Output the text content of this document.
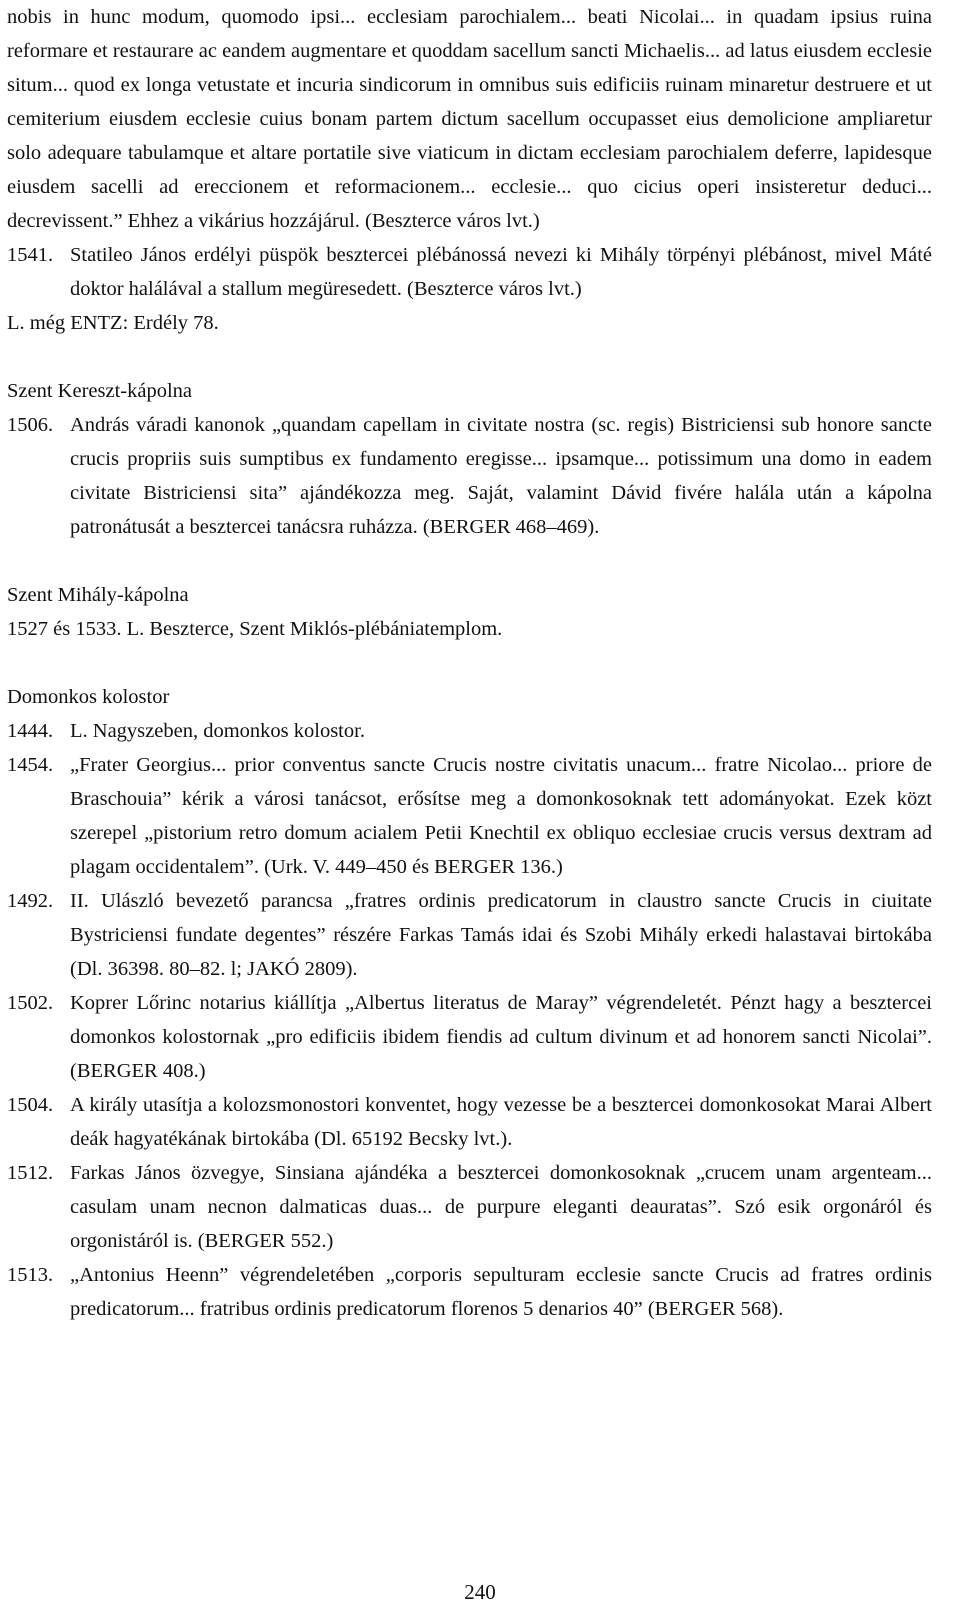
nobis in hunc modum, quomodo ipsi... ecclesiam parochialem... beati Nicolai... in quadam ipsius ruina reformare et restaurare ac eandem augmentare et quoddam sacellum sancti Michaelis... ad latus eiusdem ecclesie situm... quod ex longa vetustate et incuria sindicorum in omnibus suis edificiis ruinam minaretur destruere et ut cemiterium eiusdem ecclesie cuius bonam partem dictum sacellum occupasset eius demolicione ampliaretur solo adequare tabulamque et altare portatile sive viaticum in dictam ecclesiam parochialem deferre, lapidesque eiusdem sacelli ad ereccionem et reformacionem... ecclesie... quo cicius operi insisteretur deduci... decrevissent.” Ehhez a vikárius hozzájárul. (Beszterce város lvt.)

1541. Statileo János erdélyi püspök besztercei plébánossá nevezi ki Mihály törpényi plébánost, mivel Máté doktor halálával a stallum megüresedett. (Beszterce város lvt.)

L. még ENTZ: Erdély 78.

Szent Kereszt-kápolna

1506. András váradi kanonok „quandam capellam in civitate nostra (sc. regis) Bistriciensi sub honore sancte crucis propriis suis sumptibus ex fundamento eregisse... ipsamque... potissimum una domo in eadem civitate Bistriciensi sita” ajándékozza meg. Saját, valamint Dávid fivére halála után a kápolna patronátusát a besztercei tanácsra ruházza. (BERGER 468–469).

Szent Mihály-kápolna

1527 és 1533. L. Beszterce, Szent Miklós-plébániatemplom.

Domonkos kolostor

1444. L. Nagyszeben, domonkos kolostor.
1454. „Frater Georgius... prior conventus sancte Crucis nostre civitatis unacum... fratre Nicolao... priore de Braschouia” kérik a városi tanácsot, erősítse meg a domonkosoknak tett adományokat. Ezek közt szerepel „pistorium retro domum acialem Petii Knechtil ex obliquo ecclesiae crucis versus dextram ad plagam occidentalem”. (Urk. V. 449–450 és BERGER 136.)
1492. II. Ulászló bevezető parancsa „fratres ordinis predicatorum in claustro sancte Crucis in ciuitate Bystriciensi fundate degentes” részére Farkas Tamás idai és Szobi Mihály erkedi halastavai birtokába (Dl. 36398. 80–82. l; JAKÓ 2809).
1502. Koprer Lőrinc notarius kiállítja „Albertus literatus de Maray” végrendeletét. Pénzt hagy a besztercei domonkos kolostornak „pro edificiis ibidem fiendis ad cultum divinum et ad honorem sancti Nicolai”. (BERGER 408.)
1504. A király utasítja a kolozsmonostori konventet, hogy vezesse be a besztercei domonkosokat Marai Albert deák hagyatékának birtokába (Dl. 65192 Becsky lvt.).
1512. Farkas János özvegye, Sinsiana ajándéka a besztercei domonkosoknak „crucem unam argenteam... casulam unam necnon dalmaticas duas... de purpure eleganti deauratas”. Szó esik orgonáról és orgonistáról is. (BERGER 552.)
1513. „Antonius Heenn” végrendeletében „corporis sepulturam ecclesie sancte Crucis ad fratres ordinis predicatorum... fratribus ordinis predicatorum florenos 5 denarios 40” (BERGER 568).
240
